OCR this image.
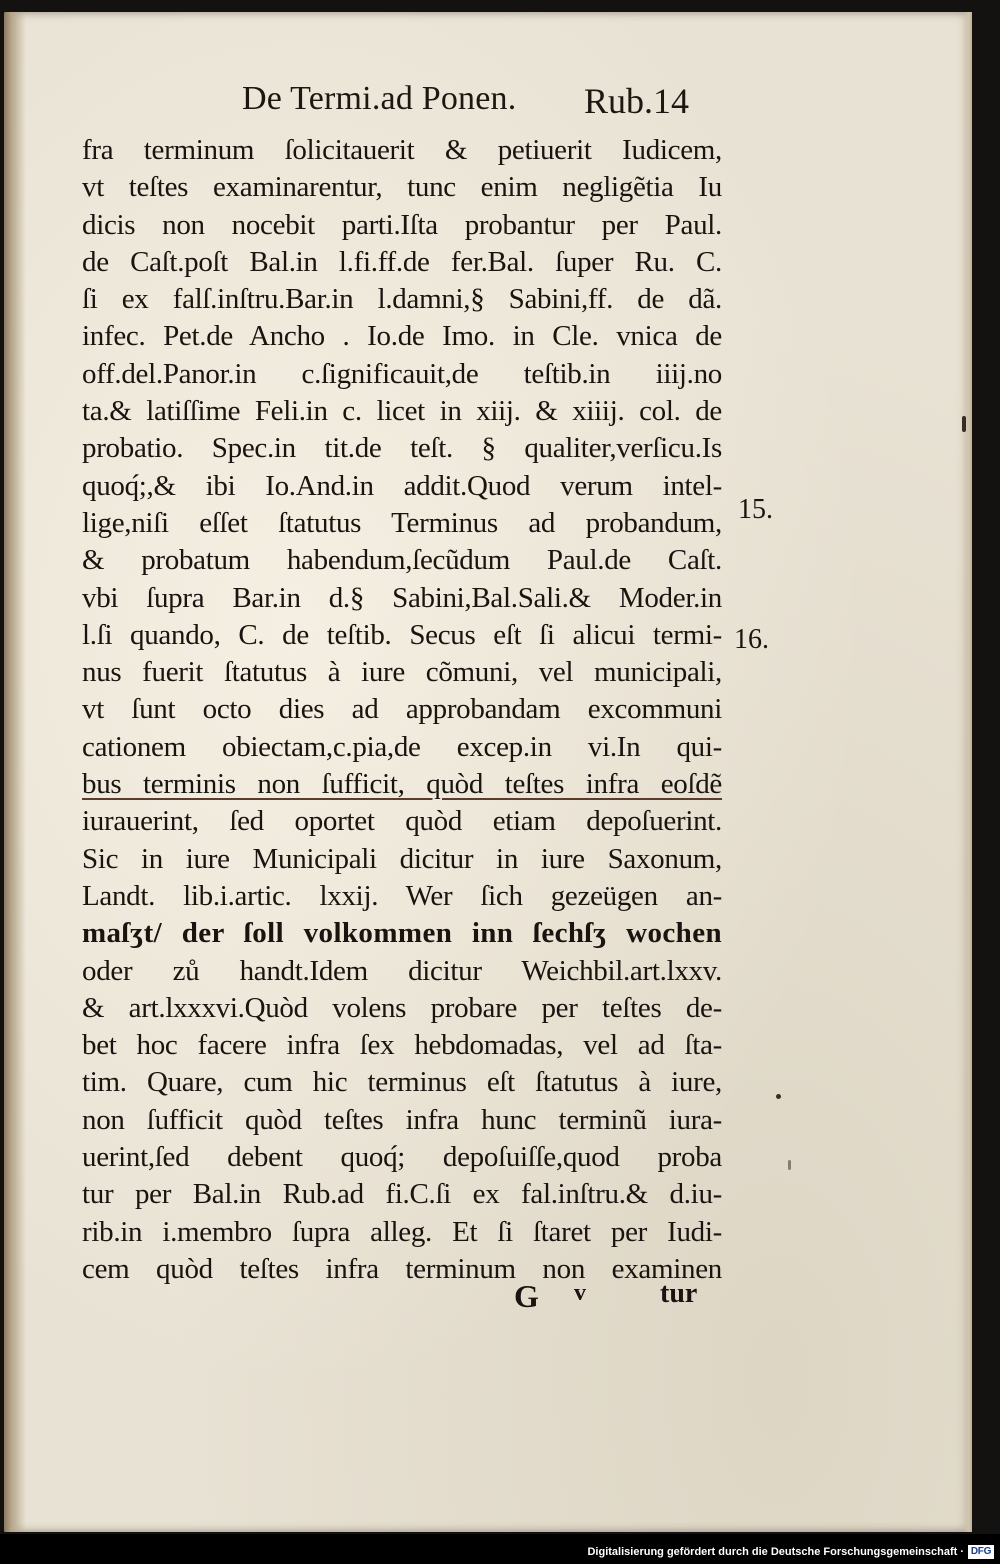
De Termi.ad Ponen. Rub.14
fra terminum ſolicitauerit & petiuerit Iudicem,
vt teſtes examinarentur, tunc enim negligẽtia Iu
dicis non nocebit parti.Iſta probantur per Paul.
de Caſt.poſt Bal.in l.fi.ff.de fer.Bal. ſuper Ru. C.
ſi ex falſ.inſtru.Bar.in l.damni,§ Sabini,ff. de dã.
infec. Pet.de Ancho . Io.de Imo. in Cle. vnica de
off.del.Panor.in c.ſignificauit,de teſtib.in iiij.no
ta.& latiſſime Feli.in c. licet in xiij. & xiiij. col. de
probatio. Spec.in tit.de teſt. § qualiter,verſicu.Is
quoq́;,& ibi Io.And.in addit.Quod verum intel-
lige,niſi eſſet ſtatutus Terminus ad probandum,
& probatum habendum,ſecũdum Paul.de Caſt.
vbi ſupra Bar.in d.§ Sabini,Bal.Sali.& Moder.in
l.ſi quando, C. de teſtib. Secus eſt ſi alicui termi-
nus fuerit ſtatutus à iure cõmuni, vel municipali,
vt ſunt octo dies ad approbandam excommuni
cationem obiectam,c.pia,de excep.in vi.In qui-
bus terminis non ſufficit, quòd teſtes infra eoſdẽ
iurauerint, ſed oportet quòd etiam depoſuerint.
Sic in iure Municipali dicitur in iure Saxonum,
Landt. lib.i.artic. lxxij. Wer ſich gezeügen an-
maſʒt/ der ſoll volkommen inn ſechſʒ wochen
oder zů handt.Idem dicitur Weichbil.art.lxxv.
& art.lxxxvi.Quòd volens probare per teſtes de-
bet hoc facere infra ſex hebdomadas, vel ad ſta-
tim. Quare, cum hic terminus eſt ſtatutus à iure,
non ſufficit quòd teſtes infra hunc terminũ iura-
uerint,ſed debent quoq́; depoſuiſſe,quod proba
tur per Bal.in Rub.ad fi.C.ſi ex fal.inſtru.& d.iu-
rib.in i.membro ſupra alleg. Et ſi ſtaret per Iudi-
cem quòd teſtes infra terminum non examinen
15.
16.
G v	tur
Digitalisierung gefördert durch die Deutsche Forschungsgemeinschaft · DFG
